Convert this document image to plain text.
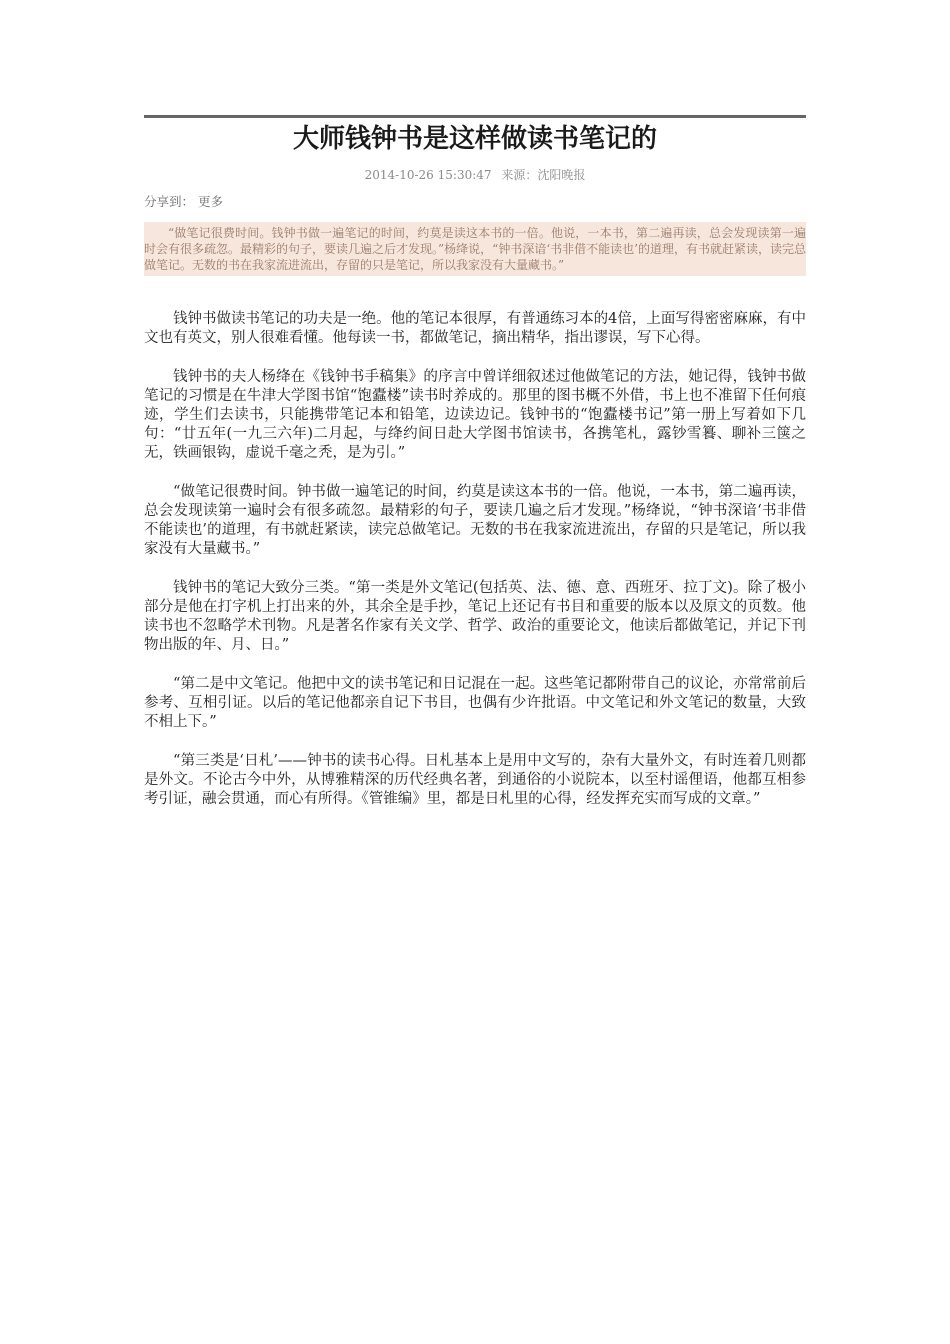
大师钱钟书是这样做读书笔记的
2014-10-26 15:30:47 来源：沈阳晚报
分享到： 更多

“做笔记很费时间。钱钟书做一遍笔记的时间，约莫是读这本书的一倍。他说，一本书，第二遍再读，总会发现读第一遍时会有很多疏忽。最精彩的句子，要读几遍之后才发现。”杨绛说，“钟书深谙‘书非借不能读也’的道理，有书就赶紧读，读完总做笔记。无数的书在我家流进流出，存留的只是笔记，所以我家没有大量藏书。”

钱钟书做读书笔记的功夫是一绝。他的笔记本很厚，有普通练习本的4倍，上面写得密密麻麻，有中文也有英文，别人很难看懂。他每读一书，都做笔记，摘出精华，指出谬误，写下心得。

钱钟书的夫人杨绛在《钱钟书手稿集》的序言中曾详细叙述过他做笔记的方法，她记得，钱钟书做笔记的习惯是在牛津大学图书馆“饱蠹楼”读书时养成的。那里的图书概不外借，书上也不准留下任何痕迹，学生们去读书，只能携带笔记本和铅笔，边读边记。钱钟书的“饱蠹楼书记”第一册上写着如下几句：“廿五年(一九三六年)二月起，与绛约间日赴大学图书馆读书，各携笔札，露钞雪籑、聊补三箧之无，铁画银钩，虚说千毫之秃，是为引。”

“做笔记很费时间。钟书做一遍笔记的时间，约莫是读这本书的一倍。他说，一本书，第二遍再读，总会发现读第一遍时会有很多疏忽。最精彩的句子，要读几遍之后才发现。”杨绛说，“钟书深谙‘书非借不能读也’的道理，有书就赶紧读，读完总做笔记。无数的书在我家流进流出，存留的只是笔记，所以我家没有大量藏书。”

钱钟书的笔记大致分三类。“第一类是外文笔记(包括英、法、德、意、西班牙、拉丁文)。除了极小部分是他在打字机上打出来的外，其余全是手抄，笔记上还记有书目和重要的版本以及原文的页数。他读书也不忽略学术刊物。凡是著名作家有关文学、哲学、政治的重要论文，他读后都做笔记，并记下刊物出版的年、月、日。”

“第二是中文笔记。他把中文的读书笔记和日记混在一起。这些笔记都附带自己的议论，亦常常前后参考、互相引证。以后的笔记他都亲自记下书目，也偶有少许批语。中文笔记和外文笔记的数量，大致不相上下。”

“第三类是‘日札’——钟书的读书心得。日札基本上是用中文写的，杂有大量外文，有时连着几则都是外文。不论古今中外，从博雅精深的历代经典名著，到通俗的小说院本，以至村谣俚语，他都互相参考引证，融会贯通，而心有所得。《管锥编》里，都是日札里的心得，经发挥充实而写成的文章。”
